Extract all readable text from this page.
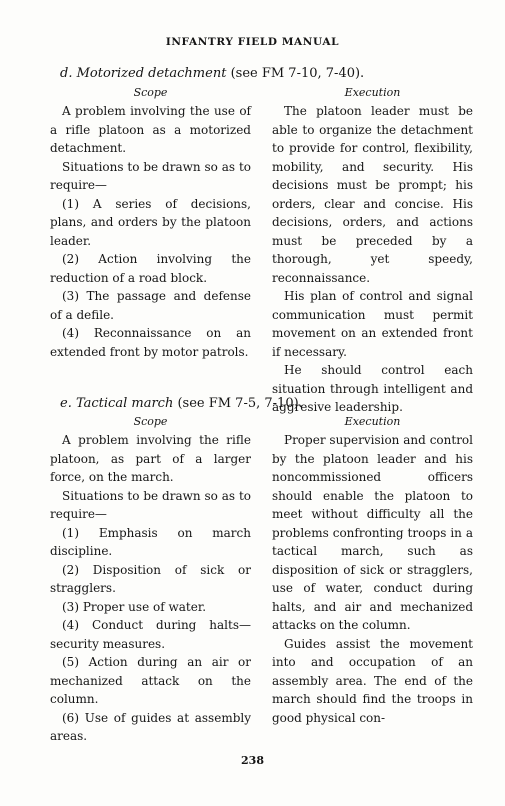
INFANTRY FIELD MANUAL
d. Motorized detachment (see FM 7-10, 7-40).
Scope

A problem involving the use of a rifle platoon as a motorized detachment.

Situations to be drawn so as to require—

(1) A series of decisions, plans, and orders by the platoon leader.

(2) Action involving the reduction of a road block.

(3) The passage and defense of a defile.

(4) Reconnaissance on an extended front by motor patrols.

Execution

The platoon leader must be able to organize the detachment to provide for control, flexibility, mobility, and security. His decisions must be prompt; his orders, clear and concise. His decisions, orders, and actions must be preceded by a thorough, yet speedy, reconnaissance.

His plan of control and signal communication must permit movement on an extended front if necessary.

He should control each situation through intelligent and aggresive leadership.

e. Tactical march (see FM 7-5, 7-10).
Scope

A problem involving the rifle platoon, as part of a larger force, on the march.

Situations to be drawn so as to require—

(1) Emphasis on march discipline.

(2) Disposition of sick or stragglers.

(3) Proper use of water.

(4) Conduct during halts—security measures.

(5) Action during an air or mechanized attack on the column.

(6) Use of guides at assembly areas.

Execution

Proper supervision and control by the platoon leader and his noncommissioned officers should enable the platoon to meet without difficulty all the problems confronting troops in a tactical march, such as disposition of sick or stragglers, use of water, conduct during halts, and air and mechanized attacks on the column.

Guides assist the movement into and occupation of an assembly area. The end of the march should find the troops in good physical con-

238
